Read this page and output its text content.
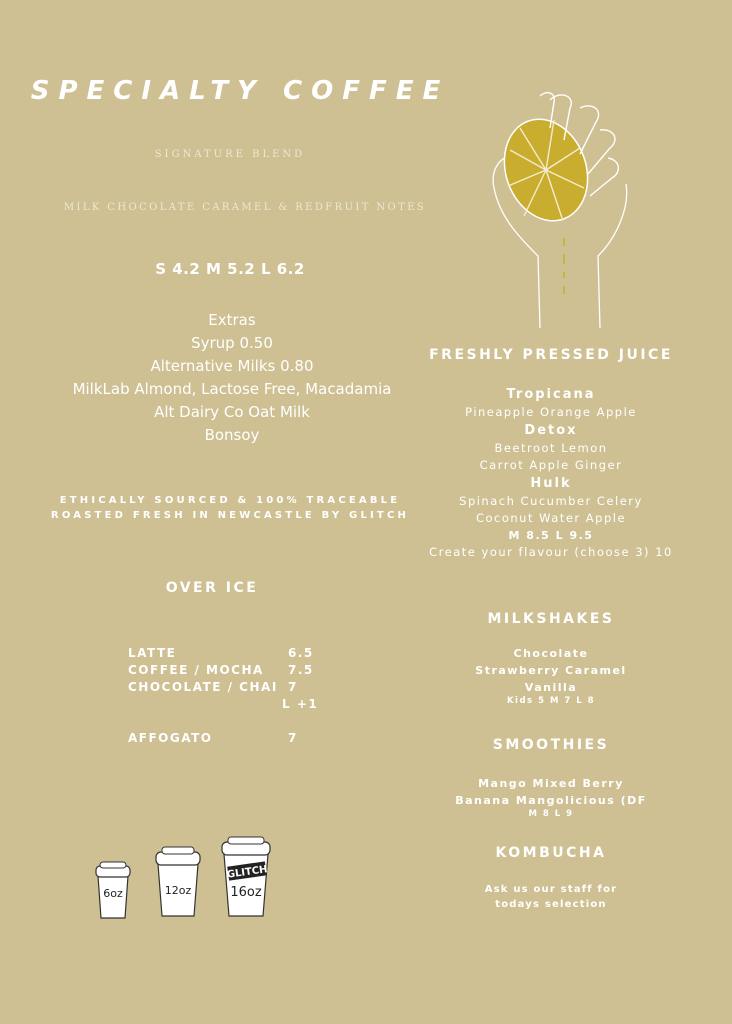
SPECIALTY COFFEE
SIGNATURE BLEND
MILK CHOCOLATE CARAMEL & REDFRUIT NOTES
S 4.2 M 5.2 L 6.2
Extras
Syrup 0.50
Alternative Milks 0.80
MilkLab Almond, Lactose Free, Macadamia
Alt Dairy Co Oat Milk
Bonsoy
ETHICALLY SOURCED & 100% TRACEABLE
ROASTED FRESH IN NEWCASTLE BY GLITCH
OVER ICE
LATTE	6.5
COFFEE / MOCHA 7.5
CHOCOLATE / CHAI 7
L +1
AFFOGATO	7
6oz	12oz
GLITCH
16oz
FRESHLY PRESSED JUICE
Tropicana
Pineapple Orange Apple
Detox
Beetroot Lemon
Carrot Apple Ginger
Hulk
Spinach Cucumber Celery
Coconut Water Apple
M 8.5 L 9.5
Create your flavour (choose 3) 10
MILKSHAKES
Chocolate
Strawberry Caramel
Vanilla
Kids 5 M 7 L 8
SMOOTHIES
Mango Mixed Berry
Banana Mangolicious (DF
M 8 L 9
KOMBUCHA
Ask us our staff for
todays selection
